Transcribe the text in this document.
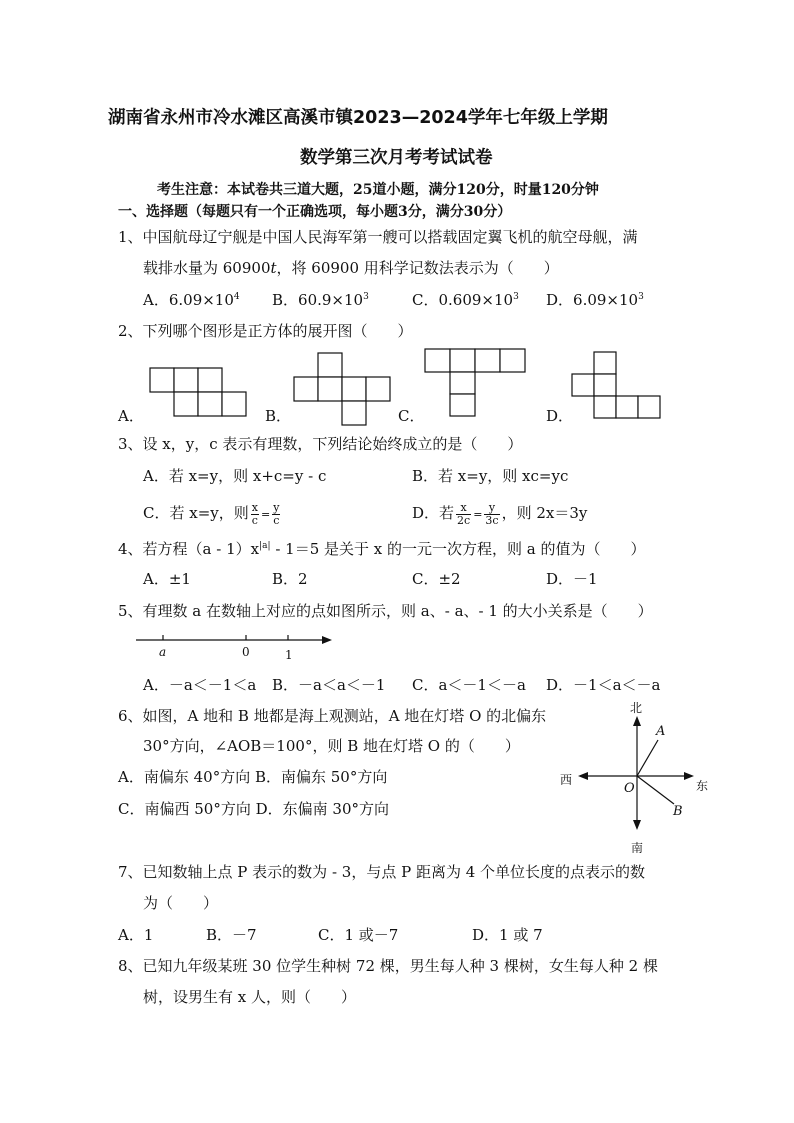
湖南省永州市冷水滩区高溪市镇2023—2024学年七年级上学期
数学第三次月考考试试卷
考生注意：本试卷共三道大题，25道小题，满分120分，时量120分钟
一、选择题（每题只有一个正确选项，每小题3分，满分30分）
1、中国航母辽宁舰是中国人民海军第一艘可以搭载固定翼飞机的航空母舰，满
载排水量为 60900t，将 60900 用科学记数法表示为（　　）
A．$6.09\times 10^4$ B．$60.9\times 10^3$	C．$0.609\times 10^3$ D．$6.09\times 10^3$
2、下列哪个图形是正方体的展开图（　　）
A．	B．	C．	D．
3、设 x，y，c 表示有理数，下列结论始终成立的是（　　）
A．若 x=y，则 x+c=y - c	B．若 x=y，则 xc=yc
C．若 x=y，则 $\frac{x}{c} = \frac{y}{c}$	D．若 $\frac{x}{2c} = \frac{y}{3c}$ ，则 2x＝3y
4、若方程$(a - 1)x^{|a|} - 1=5$ 是关于 x 的一元一次方程，则 a 的值为（　　）
A．±1	B．2	C．±2	D．－1
5、有理数 a 在数轴上对应的点如图所示，则 a、- a、- 1 的大小关系是（　　）
a	0	1
A．－a＜－1＜a B．－a＜a＜－1 C．a＜－1＜－a D．－1＜a＜－a
6、如图，A 地和 B 地都是海上观测站，A 地在灯塔 O 的北偏东
30°方向，∠AOB＝100°，则 B 地在灯塔 O 的（　　）
A．南偏东 40°方向 B．南偏东 50°方向
C．南偏西 50°方向 D．东偏南 30°方向
北
南
西	东
O
A
B
7、已知数轴上点 P 表示的数为 - 3，与点 P 距离为 4 个单位长度的点表示的数
为（　　）
A．1	B．－7	C．1 或－7	D．1 或 7
8、已知九年级某班 30 位学生种树 72 棵，男生每人种 3 棵树，女生每人种 2 棵
树，设男生有 x 人，则（　　）
